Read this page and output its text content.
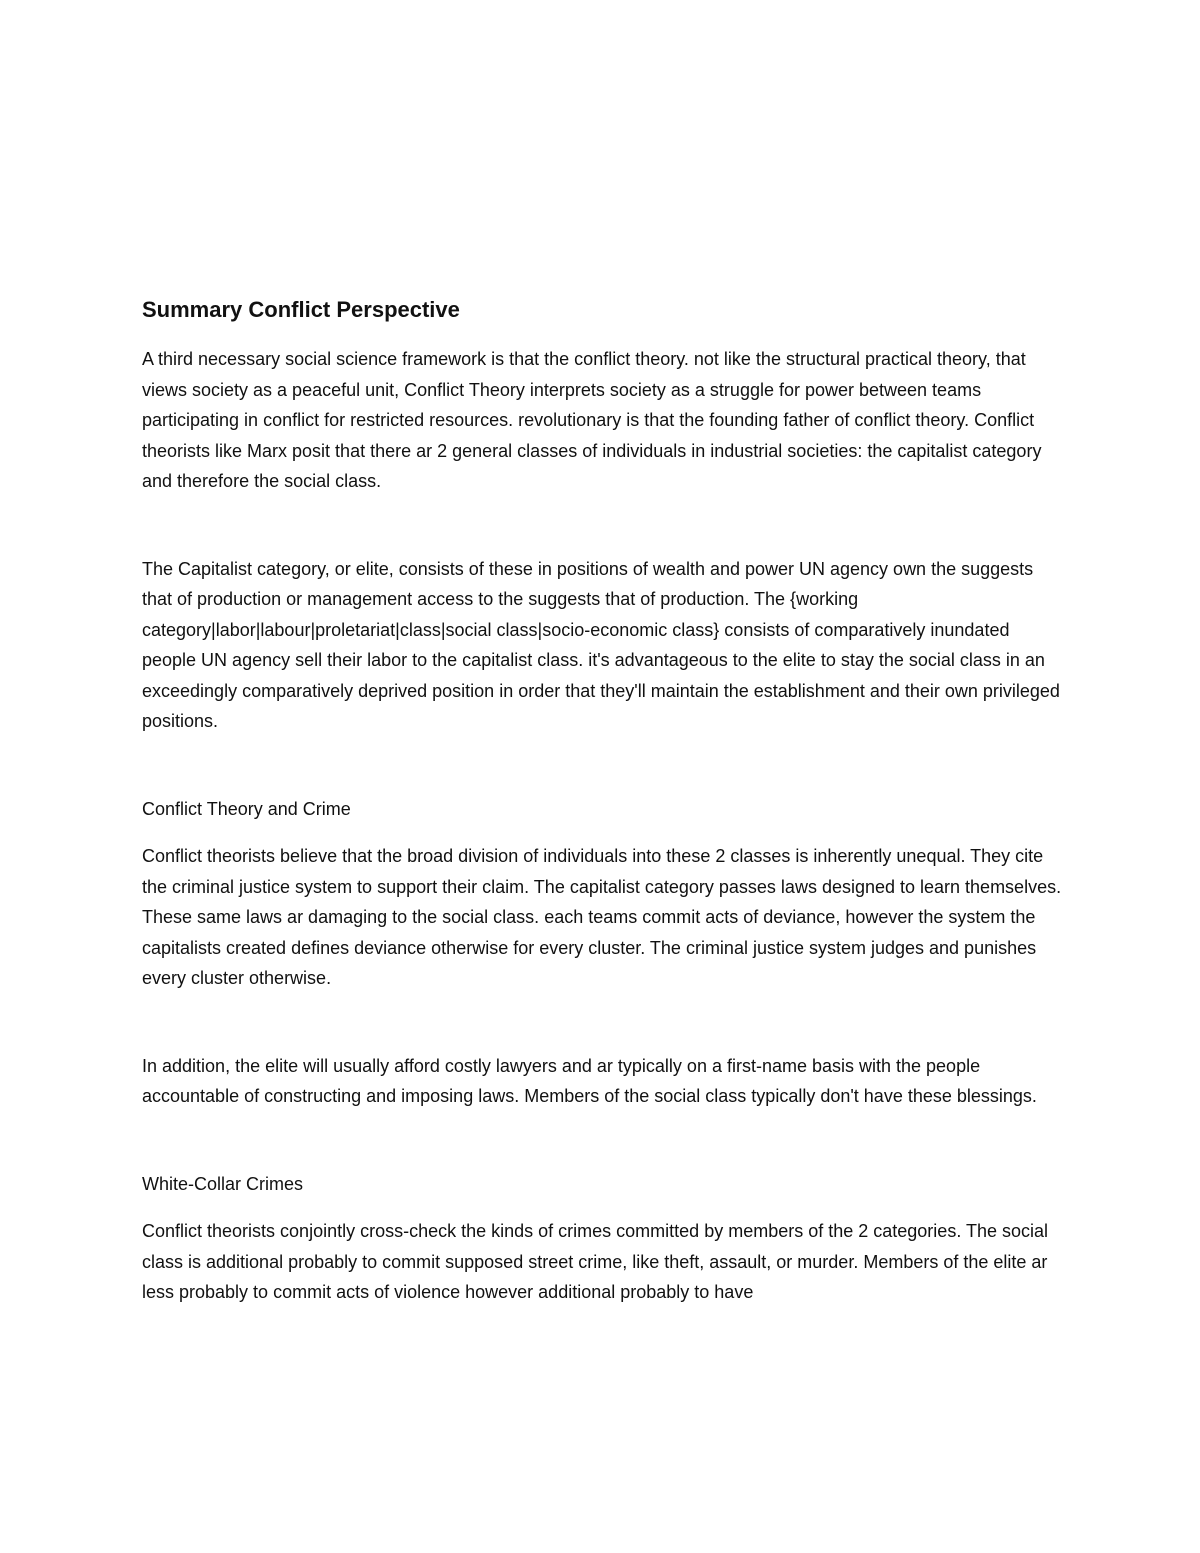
Summary Conflict Perspective

A third necessary social science framework is that the conflict theory. not like the structural practical theory, that views society as a peaceful unit, Conflict Theory interprets society as a struggle for power between teams participating in conflict for restricted resources. revolutionary is that the founding father of conflict theory. Conflict theorists like Marx posit that there ar 2 general classes of individuals in industrial societies: the capitalist category and therefore the social class.

The Capitalist category, or elite, consists of these in positions of wealth and power UN agency own the suggests that of production or management access to the suggests that of production. The {working category|labor|labour|proletariat|class|social class|socio-economic class} consists of comparatively inundated people UN agency sell their labor to the capitalist class. it's advantageous to the elite to stay the social class in an exceedingly comparatively deprived position in order that they'll maintain the establishment and their own privileged positions.

Conflict Theory and Crime

Conflict theorists believe that the broad division of individuals into these 2 classes is inherently unequal. They cite the criminal justice system to support their claim. The capitalist category passes laws designed to learn themselves. These same laws ar damaging to the social class. each teams commit acts of deviance, however the system the capitalists created defines deviance otherwise for every cluster. The criminal justice system judges and punishes every cluster otherwise.

In addition, the elite will usually afford costly lawyers and ar typically on a first-name basis with the people accountable of constructing and imposing laws. Members of the social class typically don't have these blessings.

White-Collar Crimes

Conflict theorists conjointly cross-check the kinds of crimes committed by members of the 2 categories. The social class is additional probably to commit supposed street crime, like theft, assault, or murder. Members of the elite ar less probably to commit acts of violence however additional probably to have
